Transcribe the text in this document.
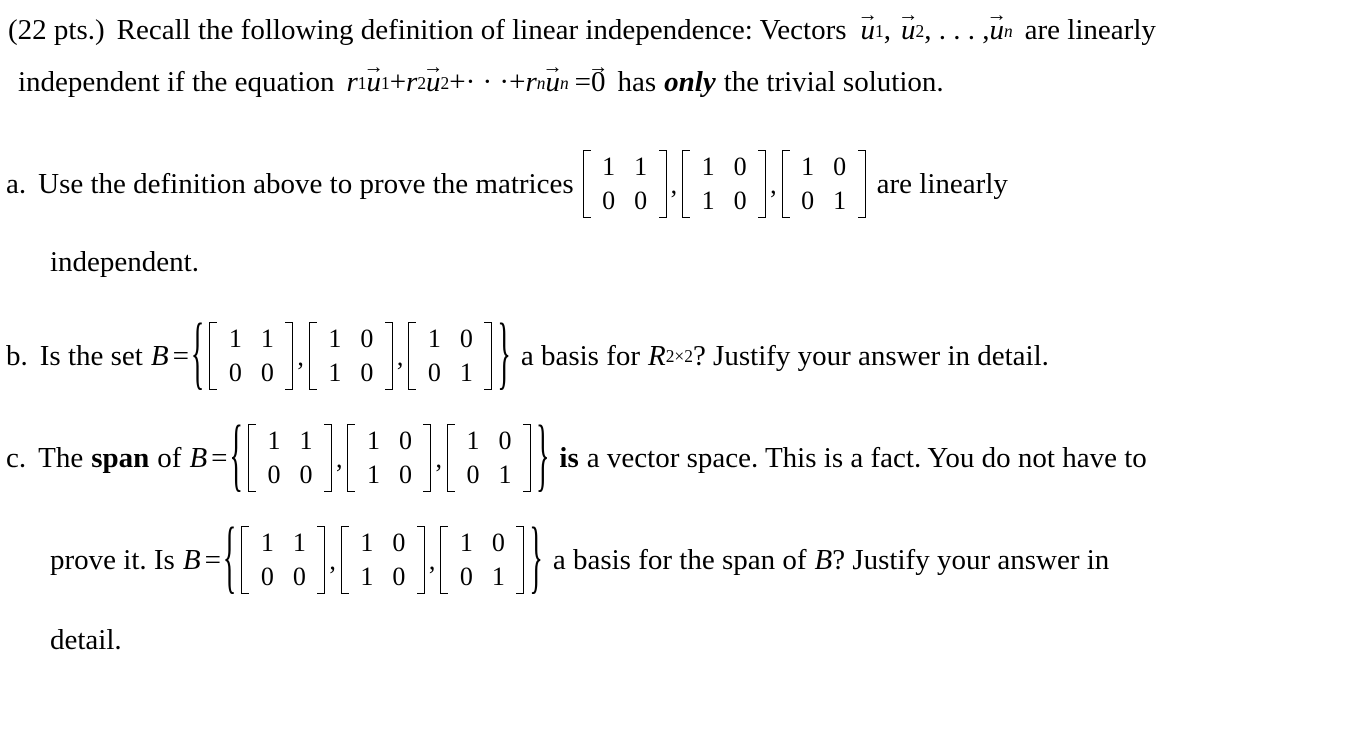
(22 pts.) Recall the following definition of linear independence: Vectors → u 1 , → u 2 , . . . , → u n are linearly
independent if the equation r 1 → u 1 + r 2 → u 2 +· · ·+ r n → u n = → 0 has only the trivial solution.
a. Use the definition above to prove the matrices
1 1
0 0
,
1 0
1 0
,
1 0
0 1
are linearly
independent.
b. Is the set B = { 1 1
0 0
,
1 0
1 0
,
1 0
0 1 } a basis for R 2×2 ? Justify your answer in detail.
c. The span of B = { 1 1
0 0
,
1 0
1 0
,
1 0
0 1 } is a vector space. This is a fact. You do not have to
prove it. Is B = { 1 1
0 0
,
1 0
1 0
,
1 0
0 1 } a basis for the span of B ? Justify your answer in
detail.
